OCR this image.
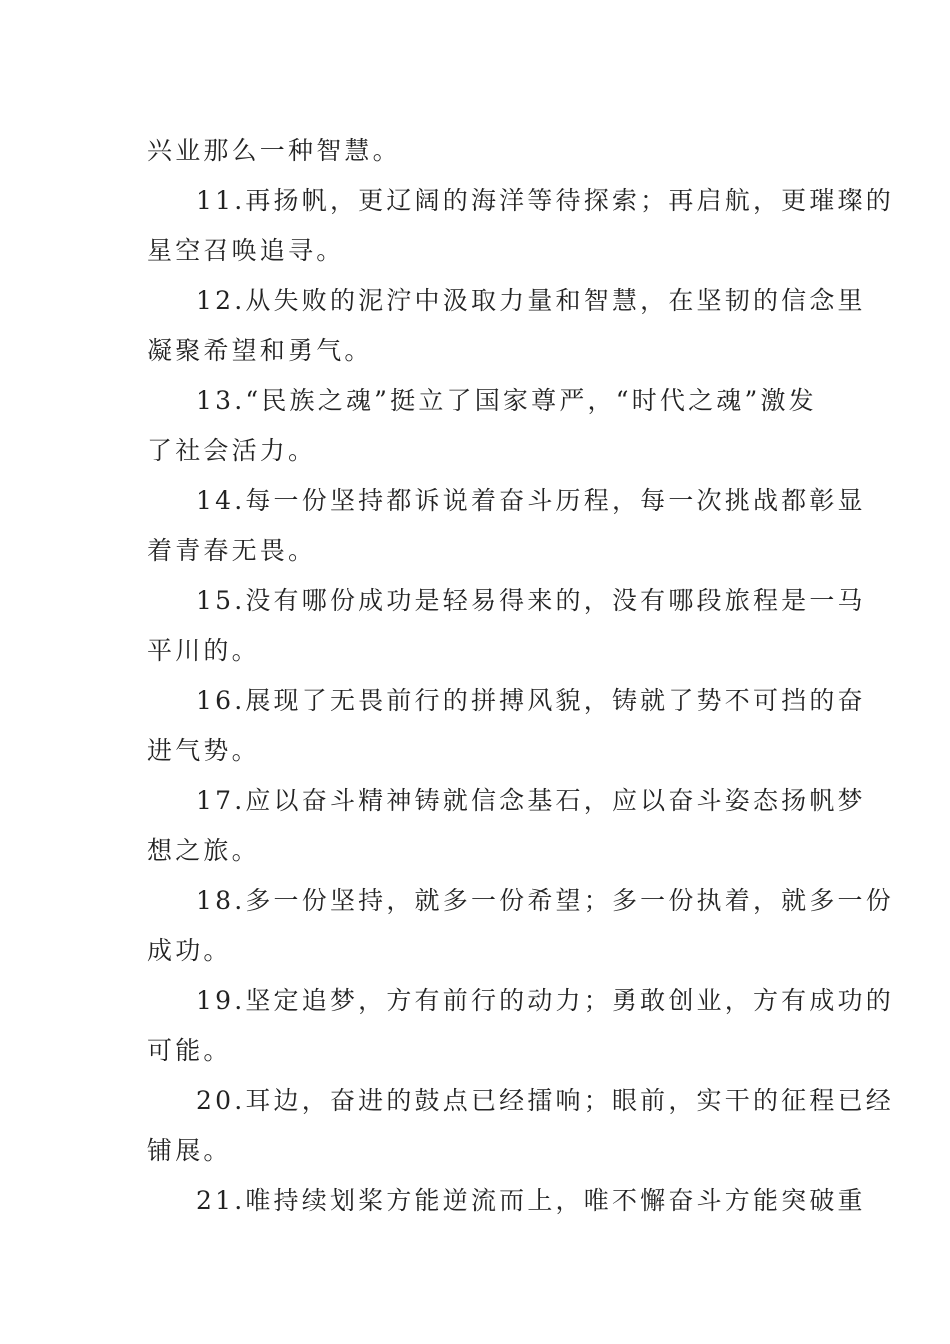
兴业那么一种智慧。
11.再扬帆，更辽阔的海洋等待探索；再启航，更璀璨的
星空召唤追寻。
12.从失败的泥泞中汲取力量和智慧，在坚韧的信念里
凝聚希望和勇气。
13.“民族之魂”挺立了国家尊严，“时代之魂”激发
了社会活力。
14.每一份坚持都诉说着奋斗历程，每一次挑战都彰显
着青春无畏。
15.没有哪份成功是轻易得来的，没有哪段旅程是一马
平川的。
16.展现了无畏前行的拼搏风貌，铸就了势不可挡的奋
进气势。
17.应以奋斗精神铸就信念基石，应以奋斗姿态扬帆梦
想之旅。
18.多一份坚持，就多一份希望；多一份执着，就多一份
成功。
19.坚定追梦，方有前行的动力；勇敢创业，方有成功的
可能。
20.耳边，奋进的鼓点已经擂响；眼前，实干的征程已经
铺展。
21.唯持续划桨方能逆流而上，唯不懈奋斗方能突破重
